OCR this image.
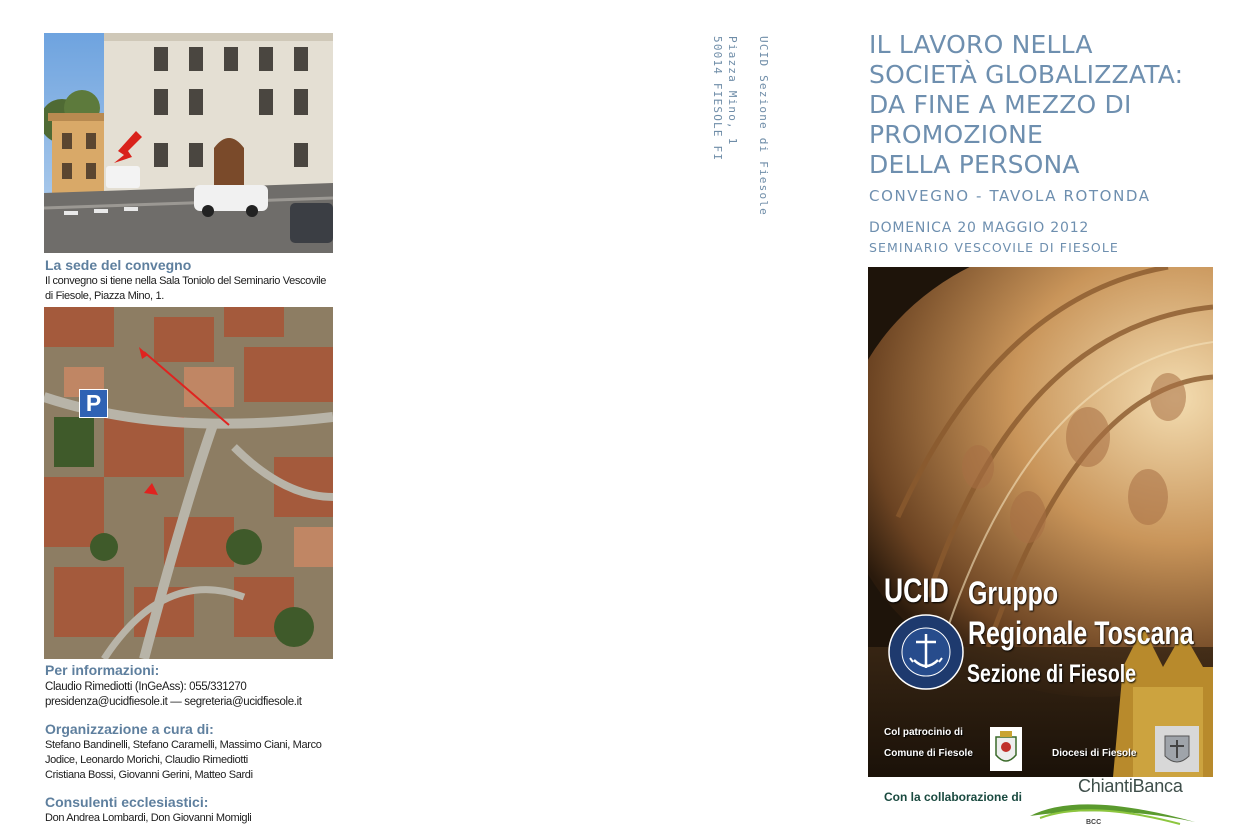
La sede del convegno
Il convegno si tiene nella Sala Toniolo del Seminario Vescovile
di Fiesole, Piazza Mino, 1.
P
Per informazioni:
Claudio Rimediotti (InGeAss): 055/331270
presidenza@ucidfiesole.it — segreteria@ucidfiesole.it
Organizzazione a cura di:
Stefano Bandinelli, Stefano Caramelli, Massimo Ciani, Marco
Jodice, Leonardo Morichi, Claudio Rimediotti
Cristiana Bossi, Giovanni Gerini, Matteo Sardi
Consulenti ecclesiastici:
Don Andrea Lombardi, Don Giovanni Momigli
UCID Sezione di Fiesole
Piazza Mino, 1
50014 FIESOLE FI	IL LAVORO NELLA
SOCIETÀ GLOBALIZZATA:
DA FINE A MEZZO DI
PROMOZIONE
DELLA PERSONA
CONVEGNO - TAVOLA ROTONDA
DOMENICA 20 MAGGIO 2012
SEMINARIO VESCOVILE DI FIESOLE
UCID Gruppo
Regionale Toscana
Sezione di Fiesole
Col patrocinio di
Comune di Fiesole	Diocesi di Fiesole
Con la collaborazione di
ChiantiBanca
BCC
